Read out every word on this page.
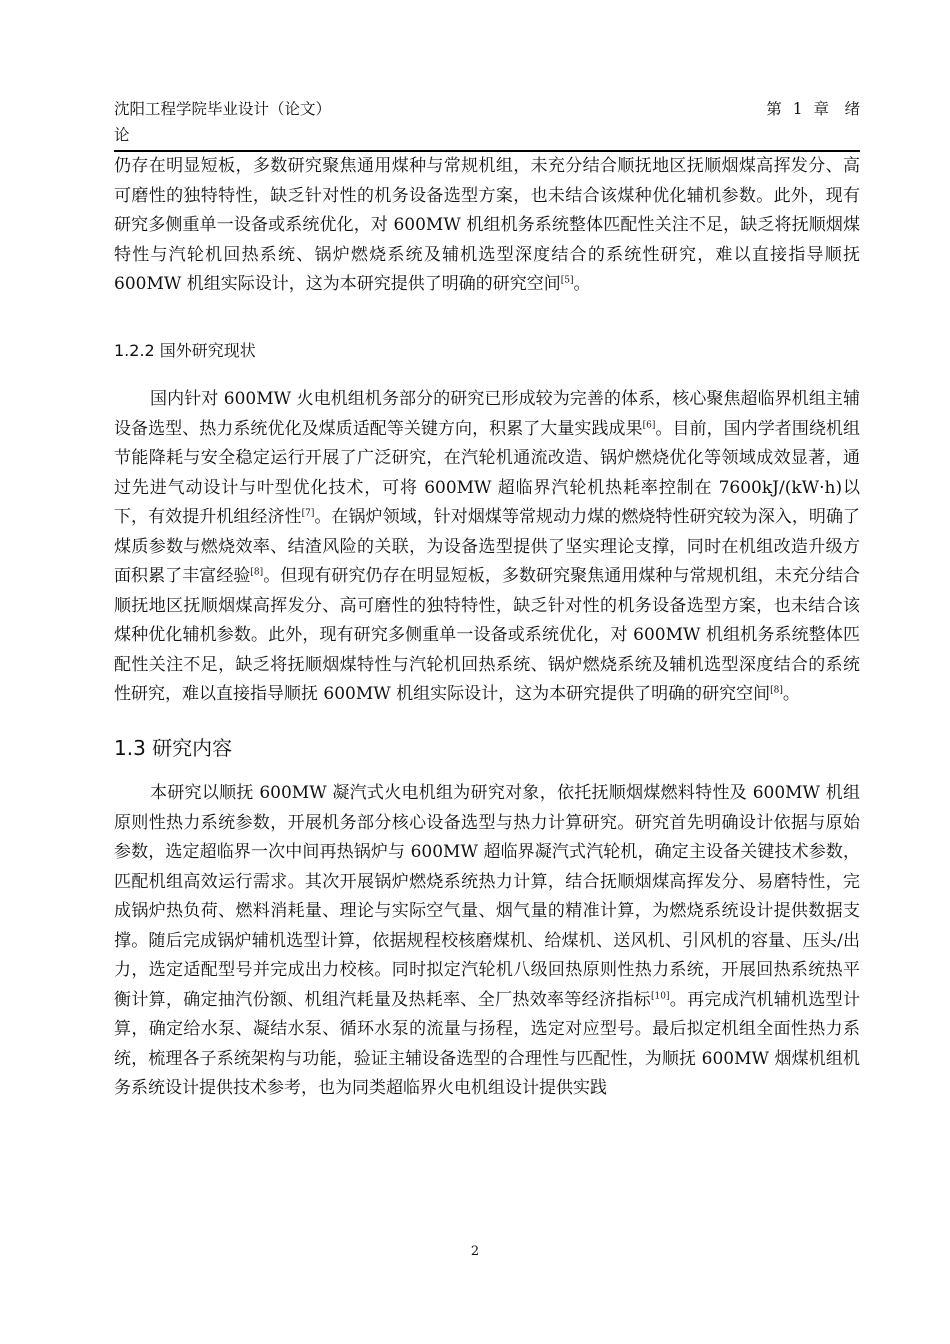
沈阳工程学院毕业设计（论文）	第 1 章　绪
论

仍存在明显短板，多数研究聚焦通用煤种与常规机组，未充分结合顺抚地区抚顺烟煤高挥发分、高可磨性的独特特性，缺乏针对性的机务设备选型方案，也未结合该煤种优化辅机参数。此外，现有研究多侧重单一设备或系统优化，对 600MW 机组机务系统整体匹配性关注不足，缺乏将抚顺烟煤特性与汽轮机回热系统、锅炉燃烧系统及辅机选型深度结合的系统性研究，难以直接指导顺抚 600MW 机组实际设计，这为本研究提供了明确的研究空间[5]。

1.2.2 国外研究现状

国内针对 600MW 火电机组机务部分的研究已形成较为完善的体系，核心聚焦超临界机组主辅设备选型、热力系统优化及煤质适配等关键方向，积累了大量实践成果[6]。目前，国内学者围绕机组节能降耗与安全稳定运行开展了广泛研究，在汽轮机通流改造、锅炉燃烧优化等领域成效显著，通过先进气动设计与叶型优化技术，可将 600MW 超临界汽轮机热耗率控制在 7600kJ/(kW·h)以下，有效提升机组经济性[7]。在锅炉领域，针对烟煤等常规动力煤的燃烧特性研究较为深入，明确了煤质参数与燃烧效率、结渣风险的关联，为设备选型提供了坚实理论支撑，同时在机组改造升级方面积累了丰富经验[8]。但现有研究仍存在明显短板，多数研究聚焦通用煤种与常规机组，未充分结合顺抚地区抚顺烟煤高挥发分、高可磨性的独特特性，缺乏针对性的机务设备选型方案，也未结合该煤种优化辅机参数。此外，现有研究多侧重单一设备或系统优化，对 600MW 机组机务系统整体匹配性关注不足，缺乏将抚顺烟煤特性与汽轮机回热系统、锅炉燃烧系统及辅机选型深度结合的系统性研究，难以直接指导顺抚 600MW 机组实际设计，这为本研究提供了明确的研究空间[8]。

1.3 研究内容

本研究以顺抚 600MW 凝汽式火电机组为研究对象，依托抚顺烟煤燃料特性及 600MW 机组原则性热力系统参数，开展机务部分核心设备选型与热力计算研究。研究首先明确设计依据与原始参数，选定超临界一次中间再热锅炉与 600MW 超临界凝汽式汽轮机，确定主设备关键技术参数，匹配机组高效运行需求。其次开展锅炉燃烧系统热力计算，结合抚顺烟煤高挥发分、易磨特性，完成锅炉热负荷、燃料消耗量、理论与实际空气量、烟气量的精准计算，为燃烧系统设计提供数据支撑。随后完成锅炉辅机选型计算，依据规程校核磨煤机、给煤机、送风机、引风机的容量、压头/出力，选定适配型号并完成出力校核。同时拟定汽轮机八级回热原则性热力系统，开展回热系统热平衡计算，确定抽汽份额、机组汽耗量及热耗率、全厂热效率等经济指标[10]。再完成汽机辅机选型计算，确定给水泵、凝结水泵、循环水泵的流量与扬程，选定对应型号。最后拟定机组全面性热力系统，梳理各子系统架构与功能，验证主辅设备选型的合理性与匹配性，为顺抚 600MW 烟煤机组机务系统设计提供技术参考，也为同类超临界火电机组设计提供实践

2
